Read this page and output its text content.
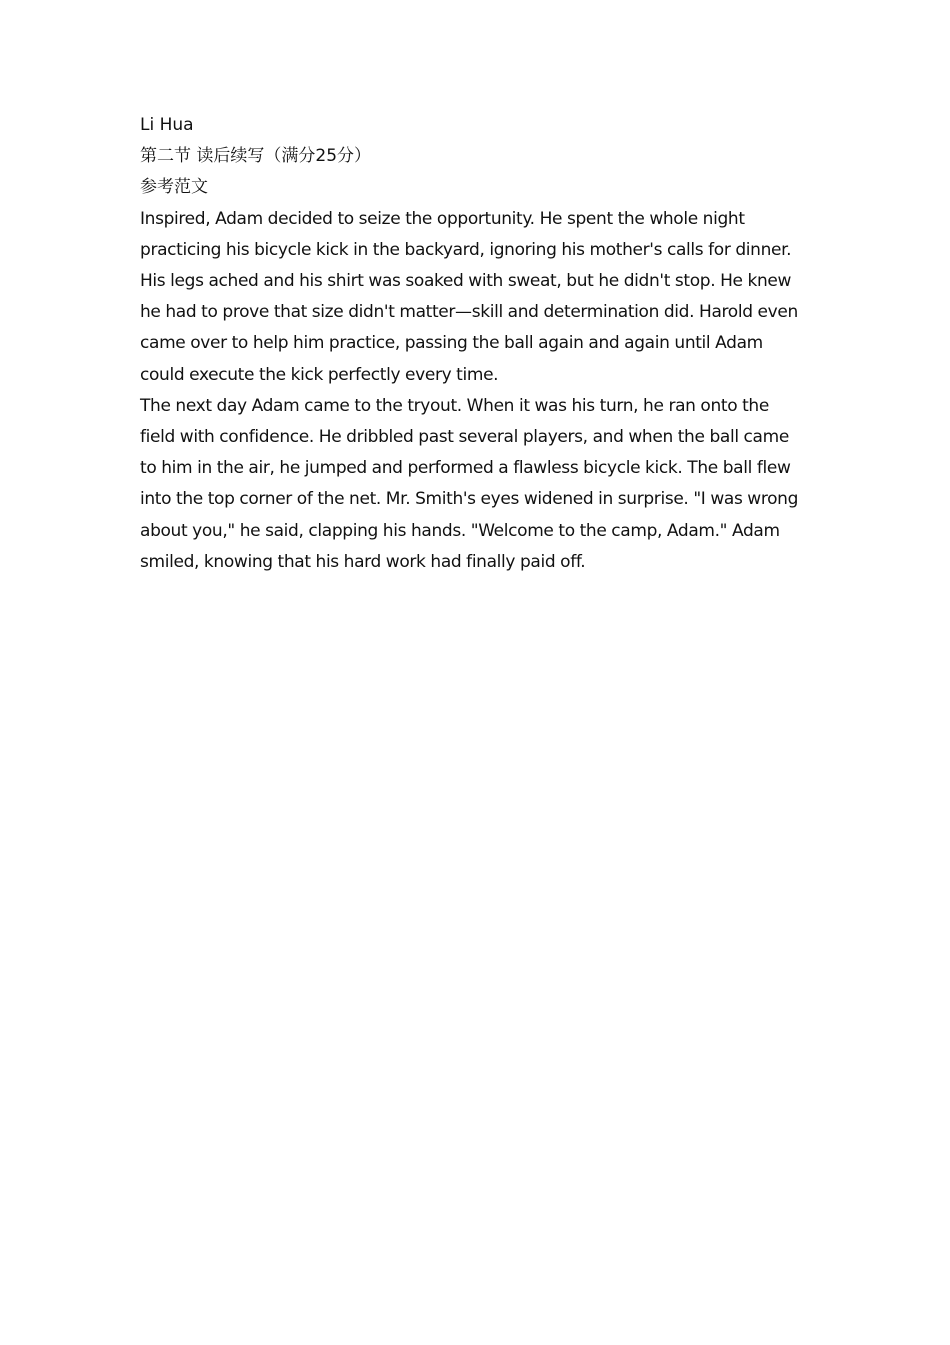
Li Hua

第二节 读后续写（满分25分）

参考范文

Inspired, Adam decided to seize the opportunity. He spent the whole night practicing his bicycle kick in the backyard, ignoring his mother's calls for dinner. His legs ached and his shirt was soaked with sweat, but he didn't stop. He knew he had to prove that size didn't matter—skill and determination did. Harold even came over to help him practice, passing the ball again and again until Adam could execute the kick perfectly every time.

The next day Adam came to the tryout. When it was his turn, he ran onto the field with confidence. He dribbled past several players, and when the ball came to him in the air, he jumped and performed a flawless bicycle kick. The ball flew into the top corner of the net. Mr. Smith's eyes widened in surprise. "I was wrong about you," he said, clapping his hands. "Welcome to the camp, Adam." Adam smiled, knowing that his hard work had finally paid off.
